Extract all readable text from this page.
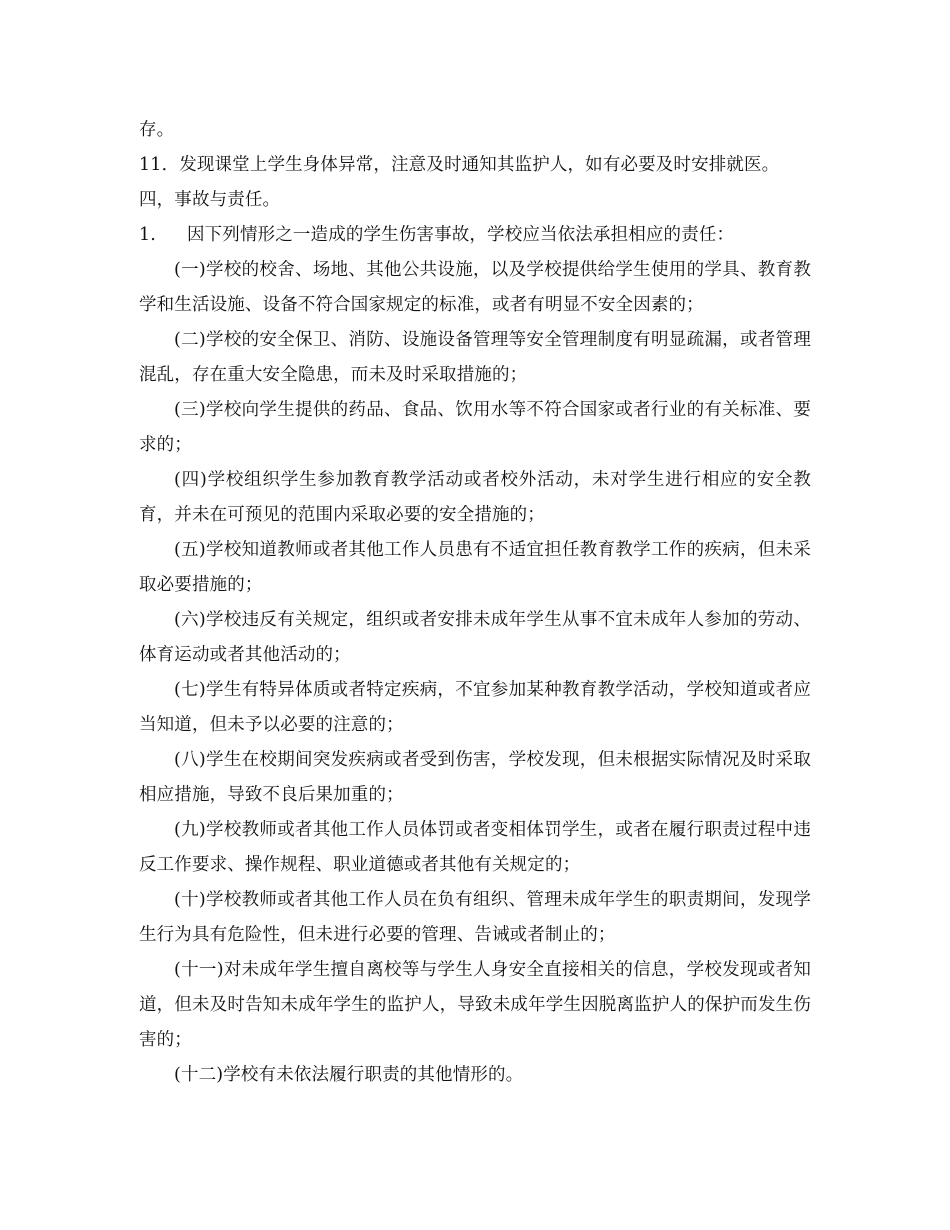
存。

11．发现课堂上学生身体异常，注意及时通知其监护人，如有必要及时安排就医。

四，事故与责任。

1. 因下列情形之一造成的学生伤害事故，学校应当依法承担相应的责任：

(一)学校的校舍、场地、其他公共设施，以及学校提供给学生使用的学具、教育教学和生活设施、设备不符合国家规定的标准，或者有明显不安全因素的；

(二)学校的安全保卫、消防、设施设备管理等安全管理制度有明显疏漏，或者管理混乱，存在重大安全隐患，而未及时采取措施的；

(三)学校向学生提供的药品、食品、饮用水等不符合国家或者行业的有关标准、要求的；

(四)学校组织学生参加教育教学活动或者校外活动，未对学生进行相应的安全教育，并未在可预见的范围内采取必要的安全措施的；

(五)学校知道教师或者其他工作人员患有不适宜担任教育教学工作的疾病，但未采取必要措施的；

(六)学校违反有关规定，组织或者安排未成年学生从事不宜未成年人参加的劳动、体育运动或者其他活动的；

(七)学生有特异体质或者特定疾病，不宜参加某种教育教学活动，学校知道或者应当知道，但未予以必要的注意的；

(八)学生在校期间突发疾病或者受到伤害，学校发现，但未根据实际情况及时采取相应措施，导致不良后果加重的；

(九)学校教师或者其他工作人员体罚或者变相体罚学生，或者在履行职责过程中违反工作要求、操作规程、职业道德或者其他有关规定的；

(十)学校教师或者其他工作人员在负有组织、管理未成年学生的职责期间，发现学生行为具有危险性，但未进行必要的管理、告诫或者制止的；

(十一)对未成年学生擅自离校等与学生人身安全直接相关的信息，学校发现或者知道，但未及时告知未成年学生的监护人，导致未成年学生因脱离监护人的保护而发生伤害的；

(十二)学校有未依法履行职责的其他情形的。
